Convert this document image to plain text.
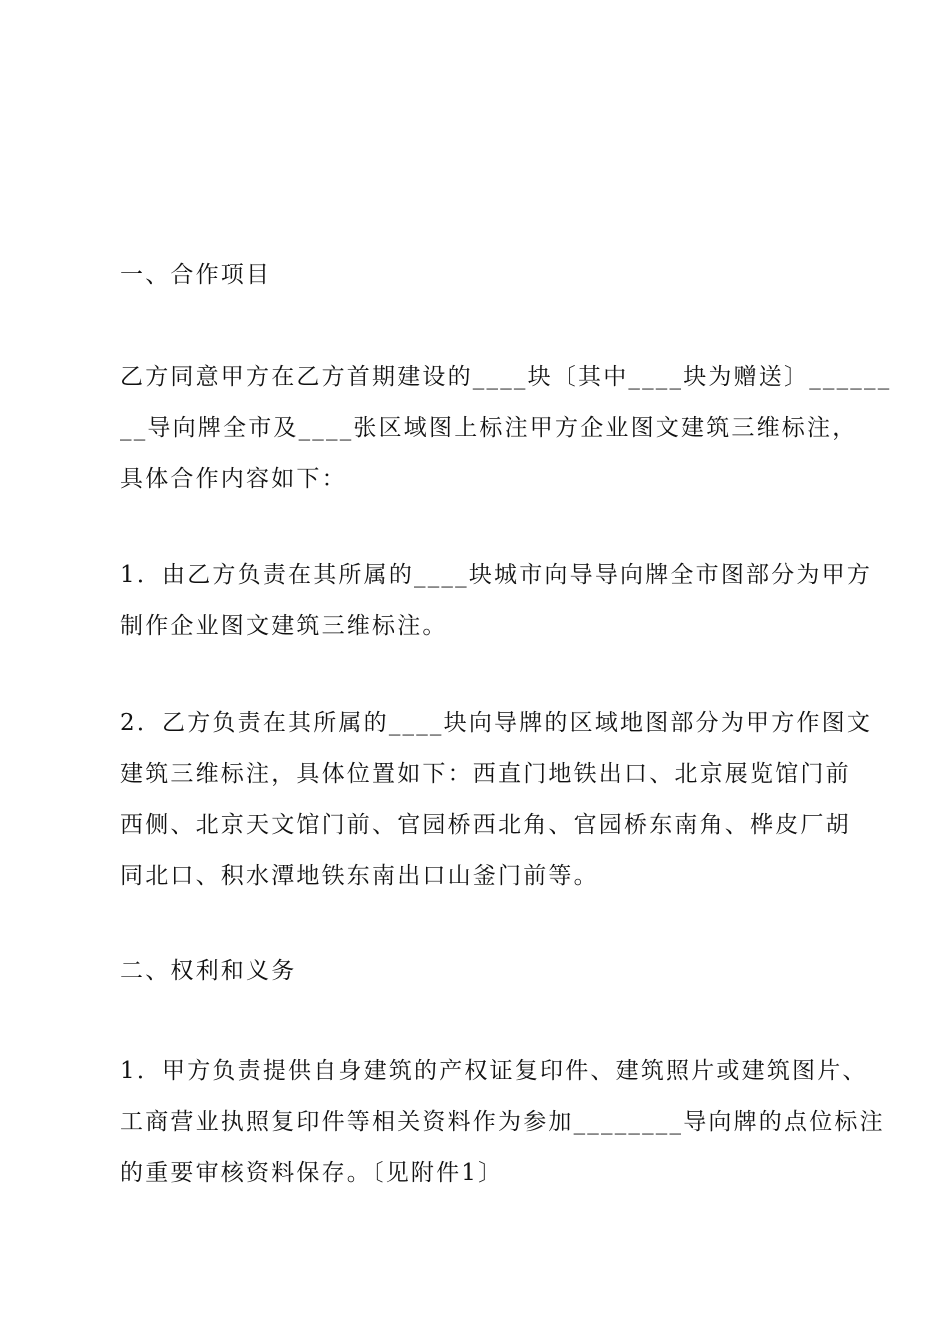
一、合作项目
乙方同意甲方在乙方首期建设的____块〔其中____块为赠送〕______
__导向牌全市及____张区域图上标注甲方企业图文建筑三维标注，
具体合作内容如下：
1．由乙方负责在其所属的____块城市向导导向牌全市图部分为甲方
制作企业图文建筑三维标注。
2．乙方负责在其所属的____块向导牌的区域地图部分为甲方作图文
建筑三维标注，具体位置如下：西直门地铁出口、北京展览馆门前
西侧、北京天文馆门前、官园桥西北角、官园桥东南角、桦皮厂胡
同北口、积水潭地铁东南出口山釜门前等。
二、权利和义务
1．甲方负责提供自身建筑的产权证复印件、建筑照片或建筑图片、
工商营业执照复印件等相关资料作为参加________导向牌的点位标注
的重要审核资料保存。〔见附件1〕
